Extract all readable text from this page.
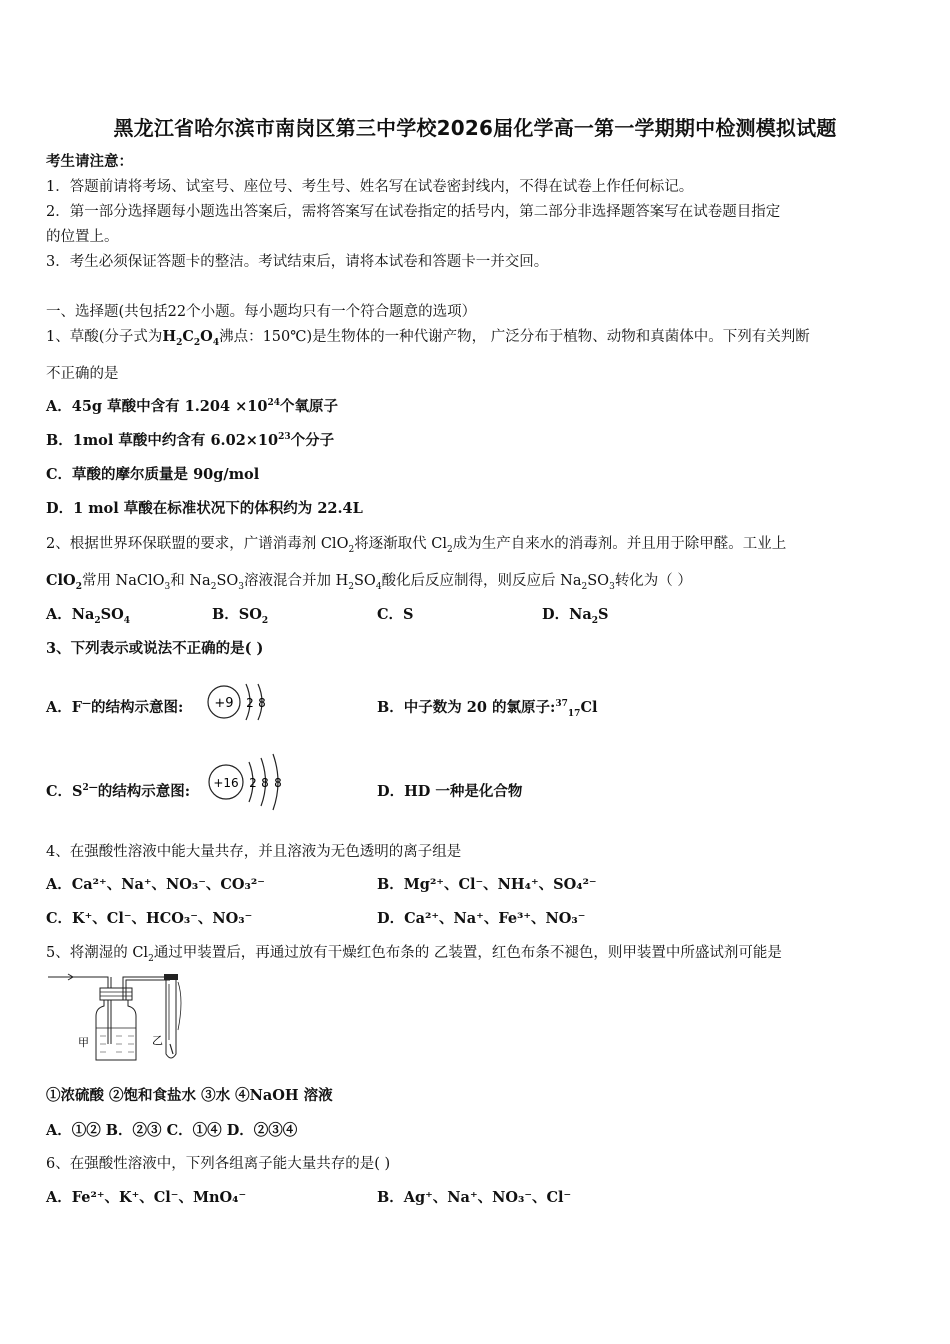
黑龙江省哈尔滨市南岗区第三中学校2026届化学高一第一学期期中检测模拟试题
考生请注意：
1．答题前请将考场、试室号、座位号、考生号、姓名写在试卷密封线内，不得在试卷上作任何标记。
2．第一部分选择题每小题选出答案后，需将答案写在试卷指定的括号内，第二部分非选择题答案写在试卷题目指定
的位置上。
3．考生必须保证答题卡的整洁。考试结束后，请将本试卷和答题卡一并交回。
一、选择题(共包括22个小题。每小题均只有一个符合题意的选项）
1、草酸(分子式为$H_2C_2O_4$沸点：150℃)是生物体的一种代谢产物， 广泛分布于植物、动物和真菌体中。下列有关判断
不正确的是
A．45g 草酸中含有 $1.204 \times 10^{24}$个氧原子
B．1mol 草酸中约含有 $6.02\times 10^{23}$个分子
C．草酸的摩尔质量是 90g/mol
D．1 mol 草酸在标准状况下的体积约为 22.4L
2、根据世界环保联盟的要求，广谱消毒剂 ClO$_2$将逐渐取代 $Cl_2$成为生产自来水的消毒剂。并且用于除甲醛。工业上
ClO$_2$常用 NaClO$_3$和 $Na_2SO_3$溶液混合并加 $H_2SO_4$酸化后反应制得，则反应后 $Na_2SO_3$转化为（ ）
A．$Na_2SO_4$	B．$SO_2$	C．S	D．$Na_2S$
3、下列表示或说法不正确的是( )
A．F—的结构示意图: +9 2 8	B．中子数为 20 的氯原子:$^{37}_{17}$Cl
C．$S^{2—}$的结构示意图: +16 2 8 8	D．HD 一种是化合物
4、在强酸性溶液中能大量共存，并且溶液为无色透明的离子组是
A．Ca²⁺、Na⁺、NO₃⁻、CO₃²⁻	B．Mg²⁺、Cl⁻、NH₄⁺、SO₄²⁻
C．K⁺、Cl⁻、HCO₃⁻、NO₃⁻	D．Ca²⁺、Na⁺、Fe³⁺、NO₃⁻
5、将潮湿的 $Cl_2$通过甲装置后，再通过放有干燥红色布条的 乙装置，红色布条不褪色，则甲装置中所盛试剂可能是
甲	乙
①浓硫酸 ②饱和食盐水 ③水 ④NaOH 溶液
A．①② B．②③ C．①④ D．②③④
6、在强酸性溶液中，下列各组离子能大量共存的是( )
A．Fe²⁺、K⁺、Cl⁻、MnO₄⁻	B．Ag⁺、Na⁺、NO₃⁻、Cl⁻
